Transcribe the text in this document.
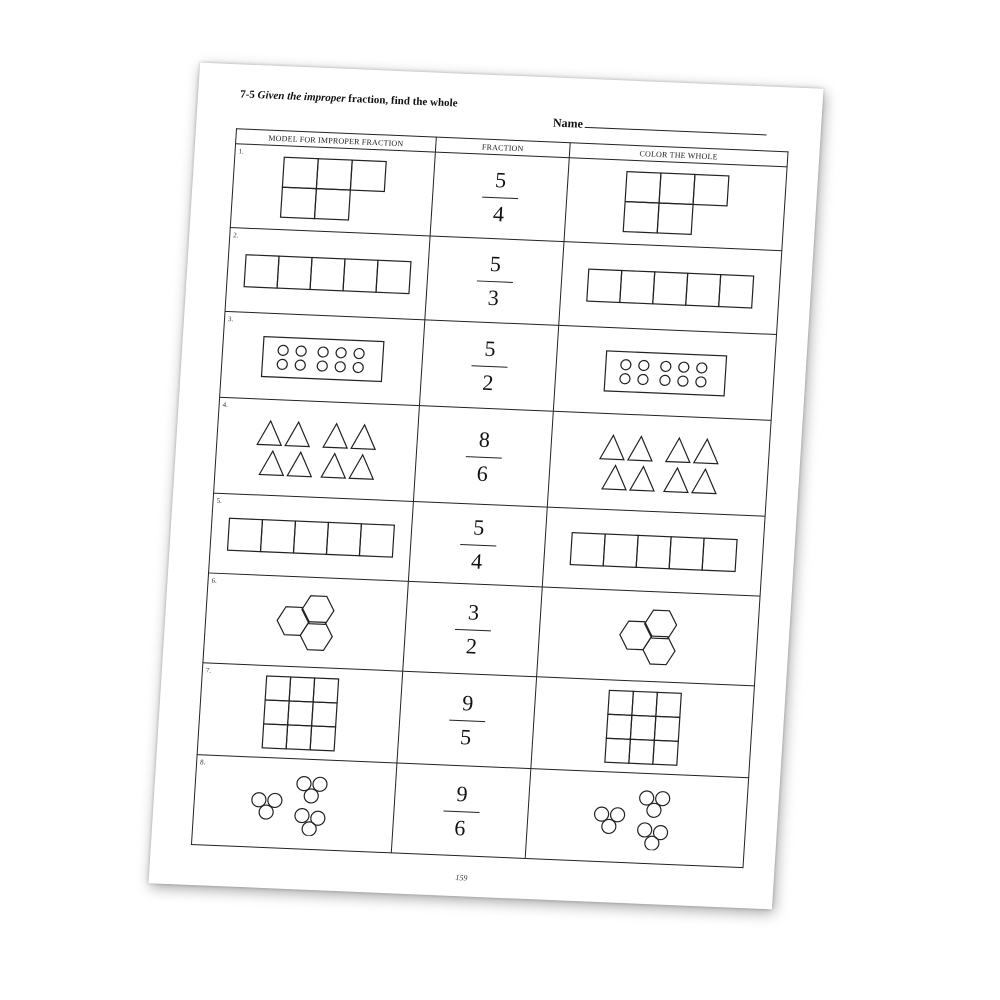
7-5 Given the improper fraction, find the whole
Name
MODEL FOR IMPROPER FRACTION	FRACTION	COLOR THE WHOLE

1.	$\frac{5}{4}$

2.	$\frac{5}{3}$

3.	$\frac{5}{2}$

4.	$\frac{8}{6}$

5.	$\frac{5}{4}$

6.	$\frac{3}{2}$

7.	$\frac{9}{5}$

8.	$\frac{9}{6}$

159
